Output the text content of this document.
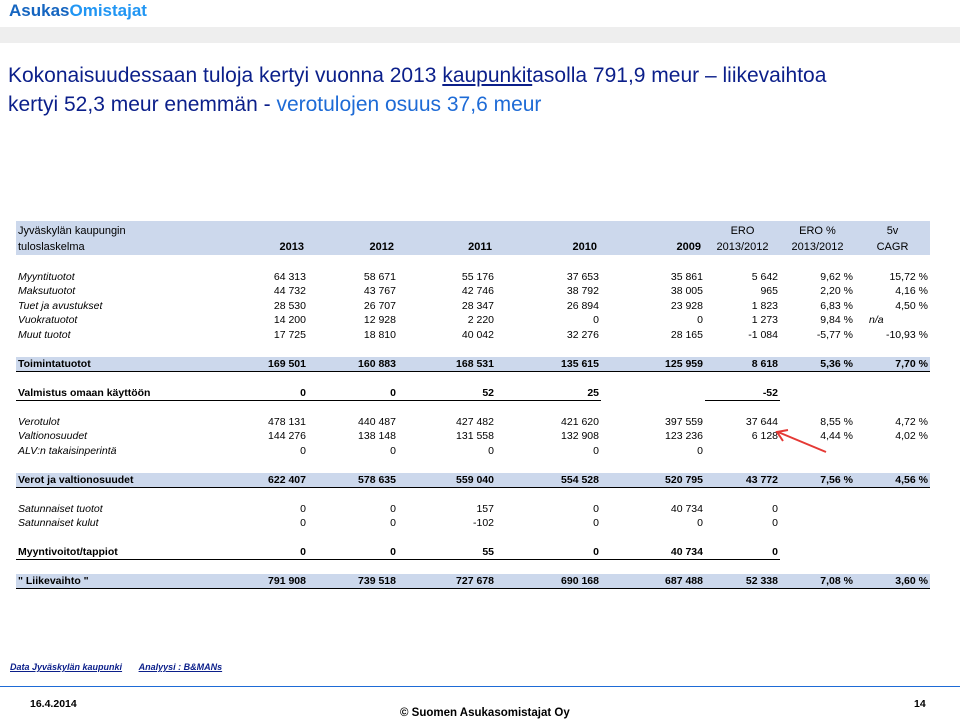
AsukasOmistajat
Kokonaisuudessaan tuloja kertyi vuonna 2013 kaupunkitasolla 791,9 meur – liikevaihtoa
kertyi 52,3 meur enemmän - verotulojen osuus 37,6 meur
Jyväskylän kaupungin						ERO	ERO %	5v
tuloslaskelma	2013	2012	2011	2010	2009	2013/2012	2013/2012	CAGR

Myyntituotot	64 313	58 671	55 176	37 653	35 861	5 642	9,62 %	15,72 %
Maksutuotot	44 732	43 767	42 746	38 792	38 005	965	2,20 %	4,16 %
Tuet ja avustukset	28 530	26 707	28 347	26 894	23 928	1 823	6,83 %	4,50 %
Vuokratuotot	14 200	12 928	2 220	0	0	1 273	9,84 %	n/a
Muut tuotot	17 725	18 810	40 042	32 276	28 165	-1 084	-5,77 %	-10,93 %

Toimintatuotot	169 501	160 883	168 531	135 615	125 959	8 618	5,36 %	7,70 %

Valmistus omaan käyttöön	0	0	52	25		-52		

Verotulot	478 131	440 487	427 482	421 620	397 559	37 644	8,55 %	4,72 %
Valtionosuudet	144 276	138 148	131 558	132 908	123 236	6 128	4,44 %	4,02 %
ALV:n takaisinperintä	0	0	0	0	0			

Verot ja valtionosuudet	622 407	578 635	559 040	554 528	520 795	43 772	7,56 %	4,56 %

Satunnaiset tuotot	0	0	157	0	40 734	0		
Satunnaiset kulut	0	0	-102	0	0	0		

Myyntivoitot/tappiot	0	0	55	0	40 734	0		

" Liikevaihto "	791 908	739 518	727 678	690 168	687 488	52 338	7,08 %	3,60 %
Data Jyväskylän kaupunki Analyysi : B&MANs
16.4.2014
© Suomen Asukasomistajat Oy
14
